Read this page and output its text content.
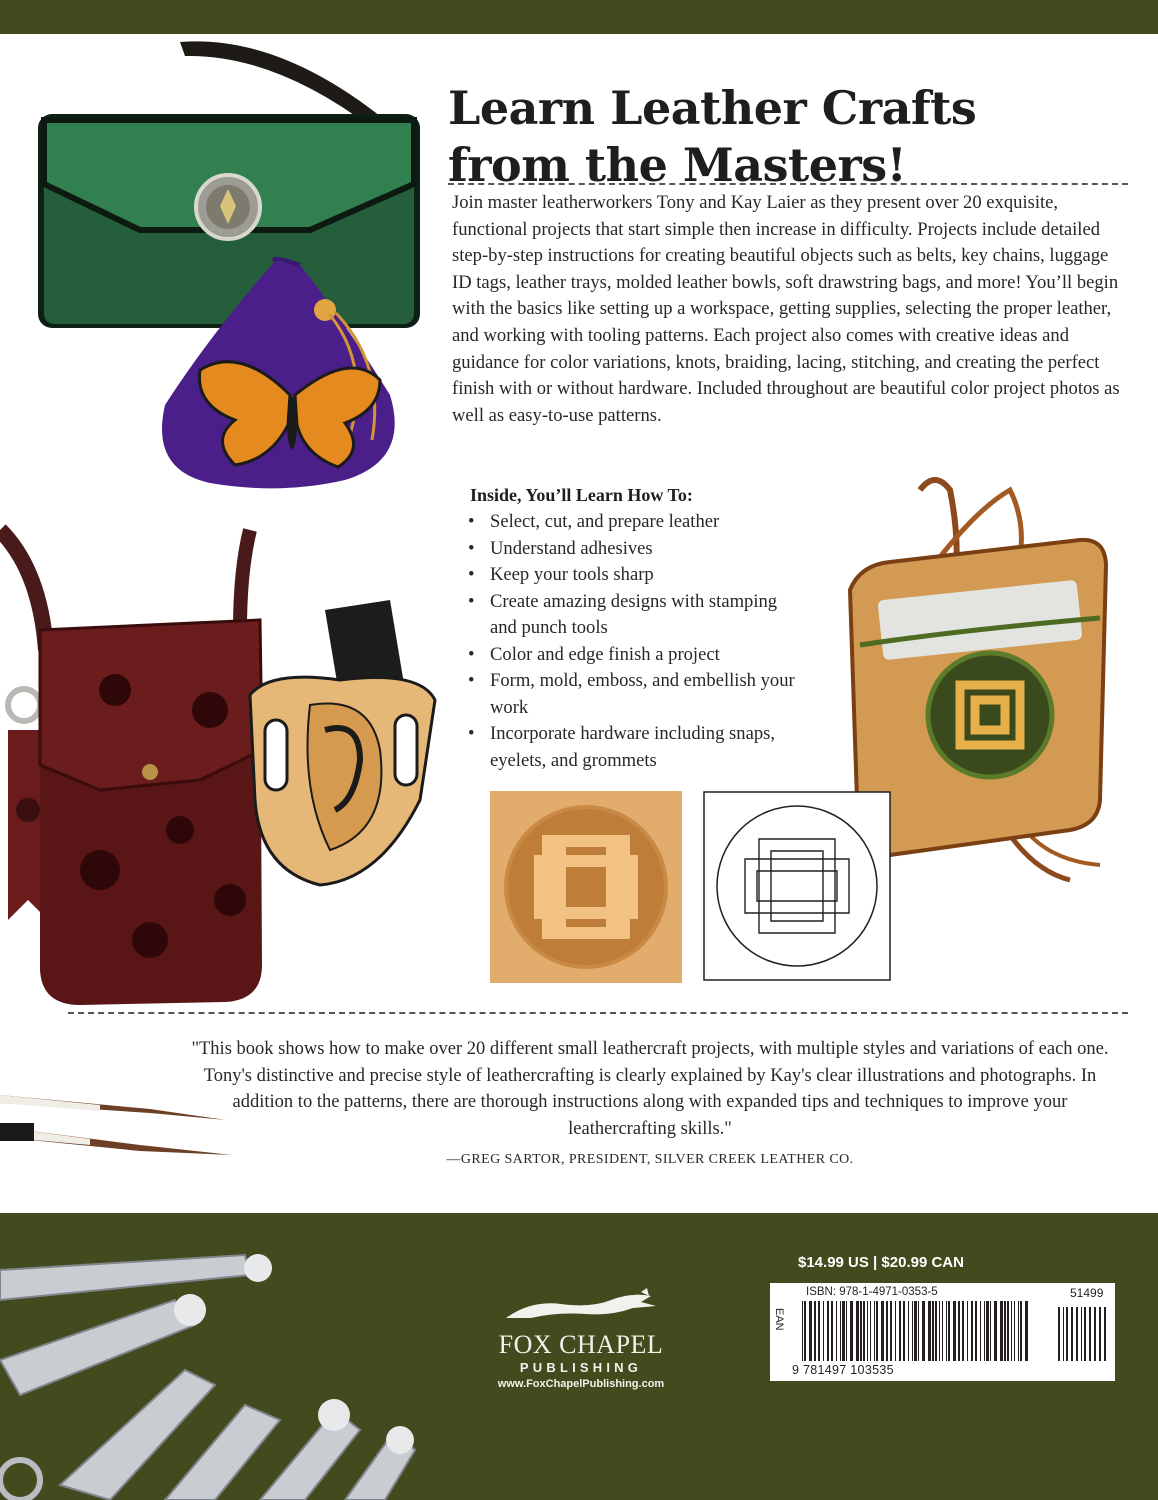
Learn Leather Crafts
from the Masters!

Join master leatherworkers Tony and Kay Laier as they present over 20 exquisite, functional projects that start simple then increase in difficulty. Projects include detailed step-by-step instructions for creating beautiful objects such as belts, key chains, luggage ID tags, leather trays, molded leather bowls, soft drawstring bags, and more! You’ll begin with the basics like setting up a workspace, getting supplies, selecting the proper leather, and working with tooling patterns. Each project also comes with creative ideas and guidance for color variations, knots, braiding, lacing, stitching, and creating the perfect finish with or without hardware. Included throughout are beautiful color project photos as well as easy-to-use patterns.

Inside, You’ll Learn How To:

• Select, cut, and prepare leather
• Understand adhesives
• Keep your tools sharp
• Create amazing designs with stamping and punch tools
• Color and edge finish a project
• Form, mold, emboss, and embellish your work
• Incorporate hardware including snaps, eyelets, and grommets

"This book shows how to make over 20 different small leathercraft projects, with multiple styles and variations of each one. Tony's distinctive and precise style of leathercrafting is clearly explained by Kay's clear illustrations and photographs. In addition to the patterns, there are thorough instructions along with expanded tips and techniques to improve your leathercrafting skills."

—GREG SARTOR, PRESIDENT, SILVER CREEK LEATHER CO.

FOX CHAPEL
PUBLISHING
www.FoxChapelPublishing.com

$14.99 US | $20.99 CAN

EAN
ISBN: 978-1-4971-0353-5	51499
9 781497 103535
